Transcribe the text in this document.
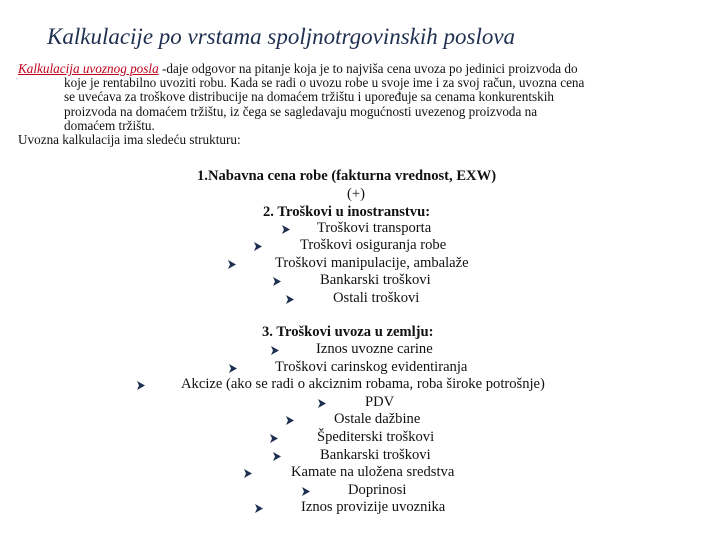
Kalkulacije po vrstama spoljnotrgovinskih poslova

Kalkulacija uvoznog posla -daje odgovor na pitanje koja je to najviša cena uvoza po jedinici proizvoda do
koje je rentabilno uvoziti robu. Kada se radi o uvozu robe u svoje ime i za svoj račun, uvozna cena
se uvećava za troškove distribucije na domaćem tržištu i upoređuje sa cenama konkurentskih
proizvoda na domaćem tržištu, iz čega se sagledavaju mogućnosti uvezenog proizvoda na
domaćem tržištu.

Uvozna kalkulacija ima sledeću strukturu:

1.Nabavna cena robe (fakturna vrednost, EXW)
(+)
2. Troškovi u inostranstvu:
Troškovi transporta
Troškovi osiguranja robe
Troškovi manipulacije, ambalaže
Bankarski troškovi
Ostali troškovi
3. Troškovi uvoza u zemlju:
Iznos uvozne carine
Troškovi carinskog evidentiranja
Akcize (ako se radi o akciznim robama, roba široke potrošnje)
PDV
Ostale dažbine
Špediterski troškovi
Bankarski troškovi
Kamate na uložena sredstva
Doprinosi
Iznos provizije uvoznika
